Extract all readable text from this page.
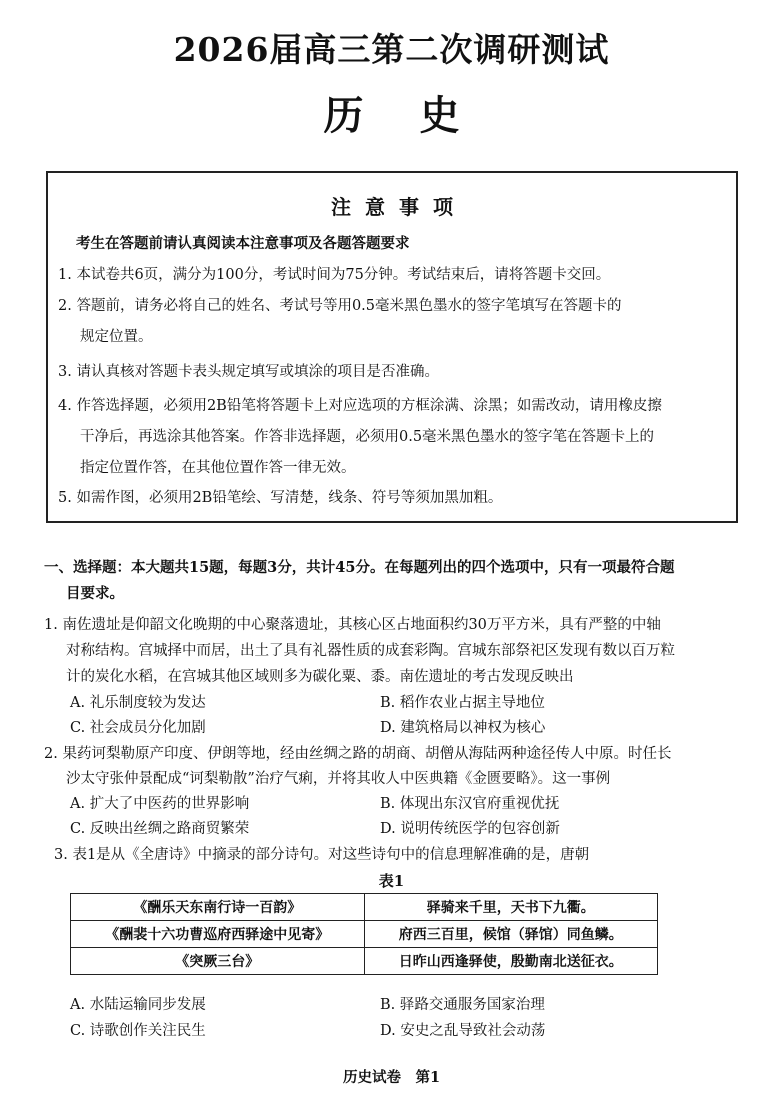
2026届高三第二次调研测试
历史
注意事项
考生在答题前请认真阅读本注意事项及各题答题要求
1. 本试卷共6页，满分为100分，考试时间为75分钟。考试结束后，请将答题卡交回。
2. 答题前，请务必将自己的姓名、考试号等用0.5毫米黑色墨水的签字笔填写在答题卡的
规定位置。
3. 请认真核对答题卡表头规定填写或填涂的项目是否准确。
4. 作答选择题，必须用2B铅笔将答题卡上对应选项的方框涂满、涂黑；如需改动，请用橡皮擦
干净后，再选涂其他答案。作答非选择题，必须用0.5毫米黑色墨水的签字笔在答题卡上的
指定位置作答，在其他位置作答一律无效。
5. 如需作图，必须用2B铅笔绘、写清楚，线条、符号等须加黑加粗。
一、选择题：本大题共15题，每题3分，共计45分。在每题列出的四个选项中，只有一项最符合题
目要求。
1. 南佐遗址是仰韶文化晚期的中心聚落遗址，其核心区占地面积约30万平方米，具有严整的中轴
对称结构。宫城择中而居，出土了具有礼器性质的成套彩陶。宫城东部祭祀区发现有数以百万粒
计的炭化水稻，在宫城其他区域则多为碳化粟、黍。南佐遗址的考古发现反映出
A. 礼乐制度较为发达	B. 稻作农业占据主导地位
C. 社会成员分化加剧	D. 建筑格局以神权为核心
2. 果药诃梨勒原产印度、伊朗等地，经由丝绸之路的胡商、胡僧从海陆两种途径传人中原。时任长
沙太守张仲景配成“诃梨勒散”治疗气痢，并将其收人中医典籍《金匮要略》。这一事例
A. 扩大了中医药的世界影响	B. 体现出东汉官府重视优抚
C. 反映出丝绸之路商贸繁荣	D. 说明传统医学的包容创新
3. 表1是从《全唐诗》中摘录的部分诗句。对这些诗句中的信息理解准确的是，唐朝
表1
《酬乐天东南行诗一百韵》	驿骑来千里，天书下九衢。
《酬裴十六功曹巡府西驿途中见寄》	府西三百里，候馆（驿馆）同鱼鳞。
《突厥三台》	日昨山西逢驿使，殷勤南北送征衣。
A. 水陆运输同步发展	B. 驿路交通服务国家治理
C. 诗歌创作关注民生	D. 安史之乱导致社会动荡
历史试卷　第1
